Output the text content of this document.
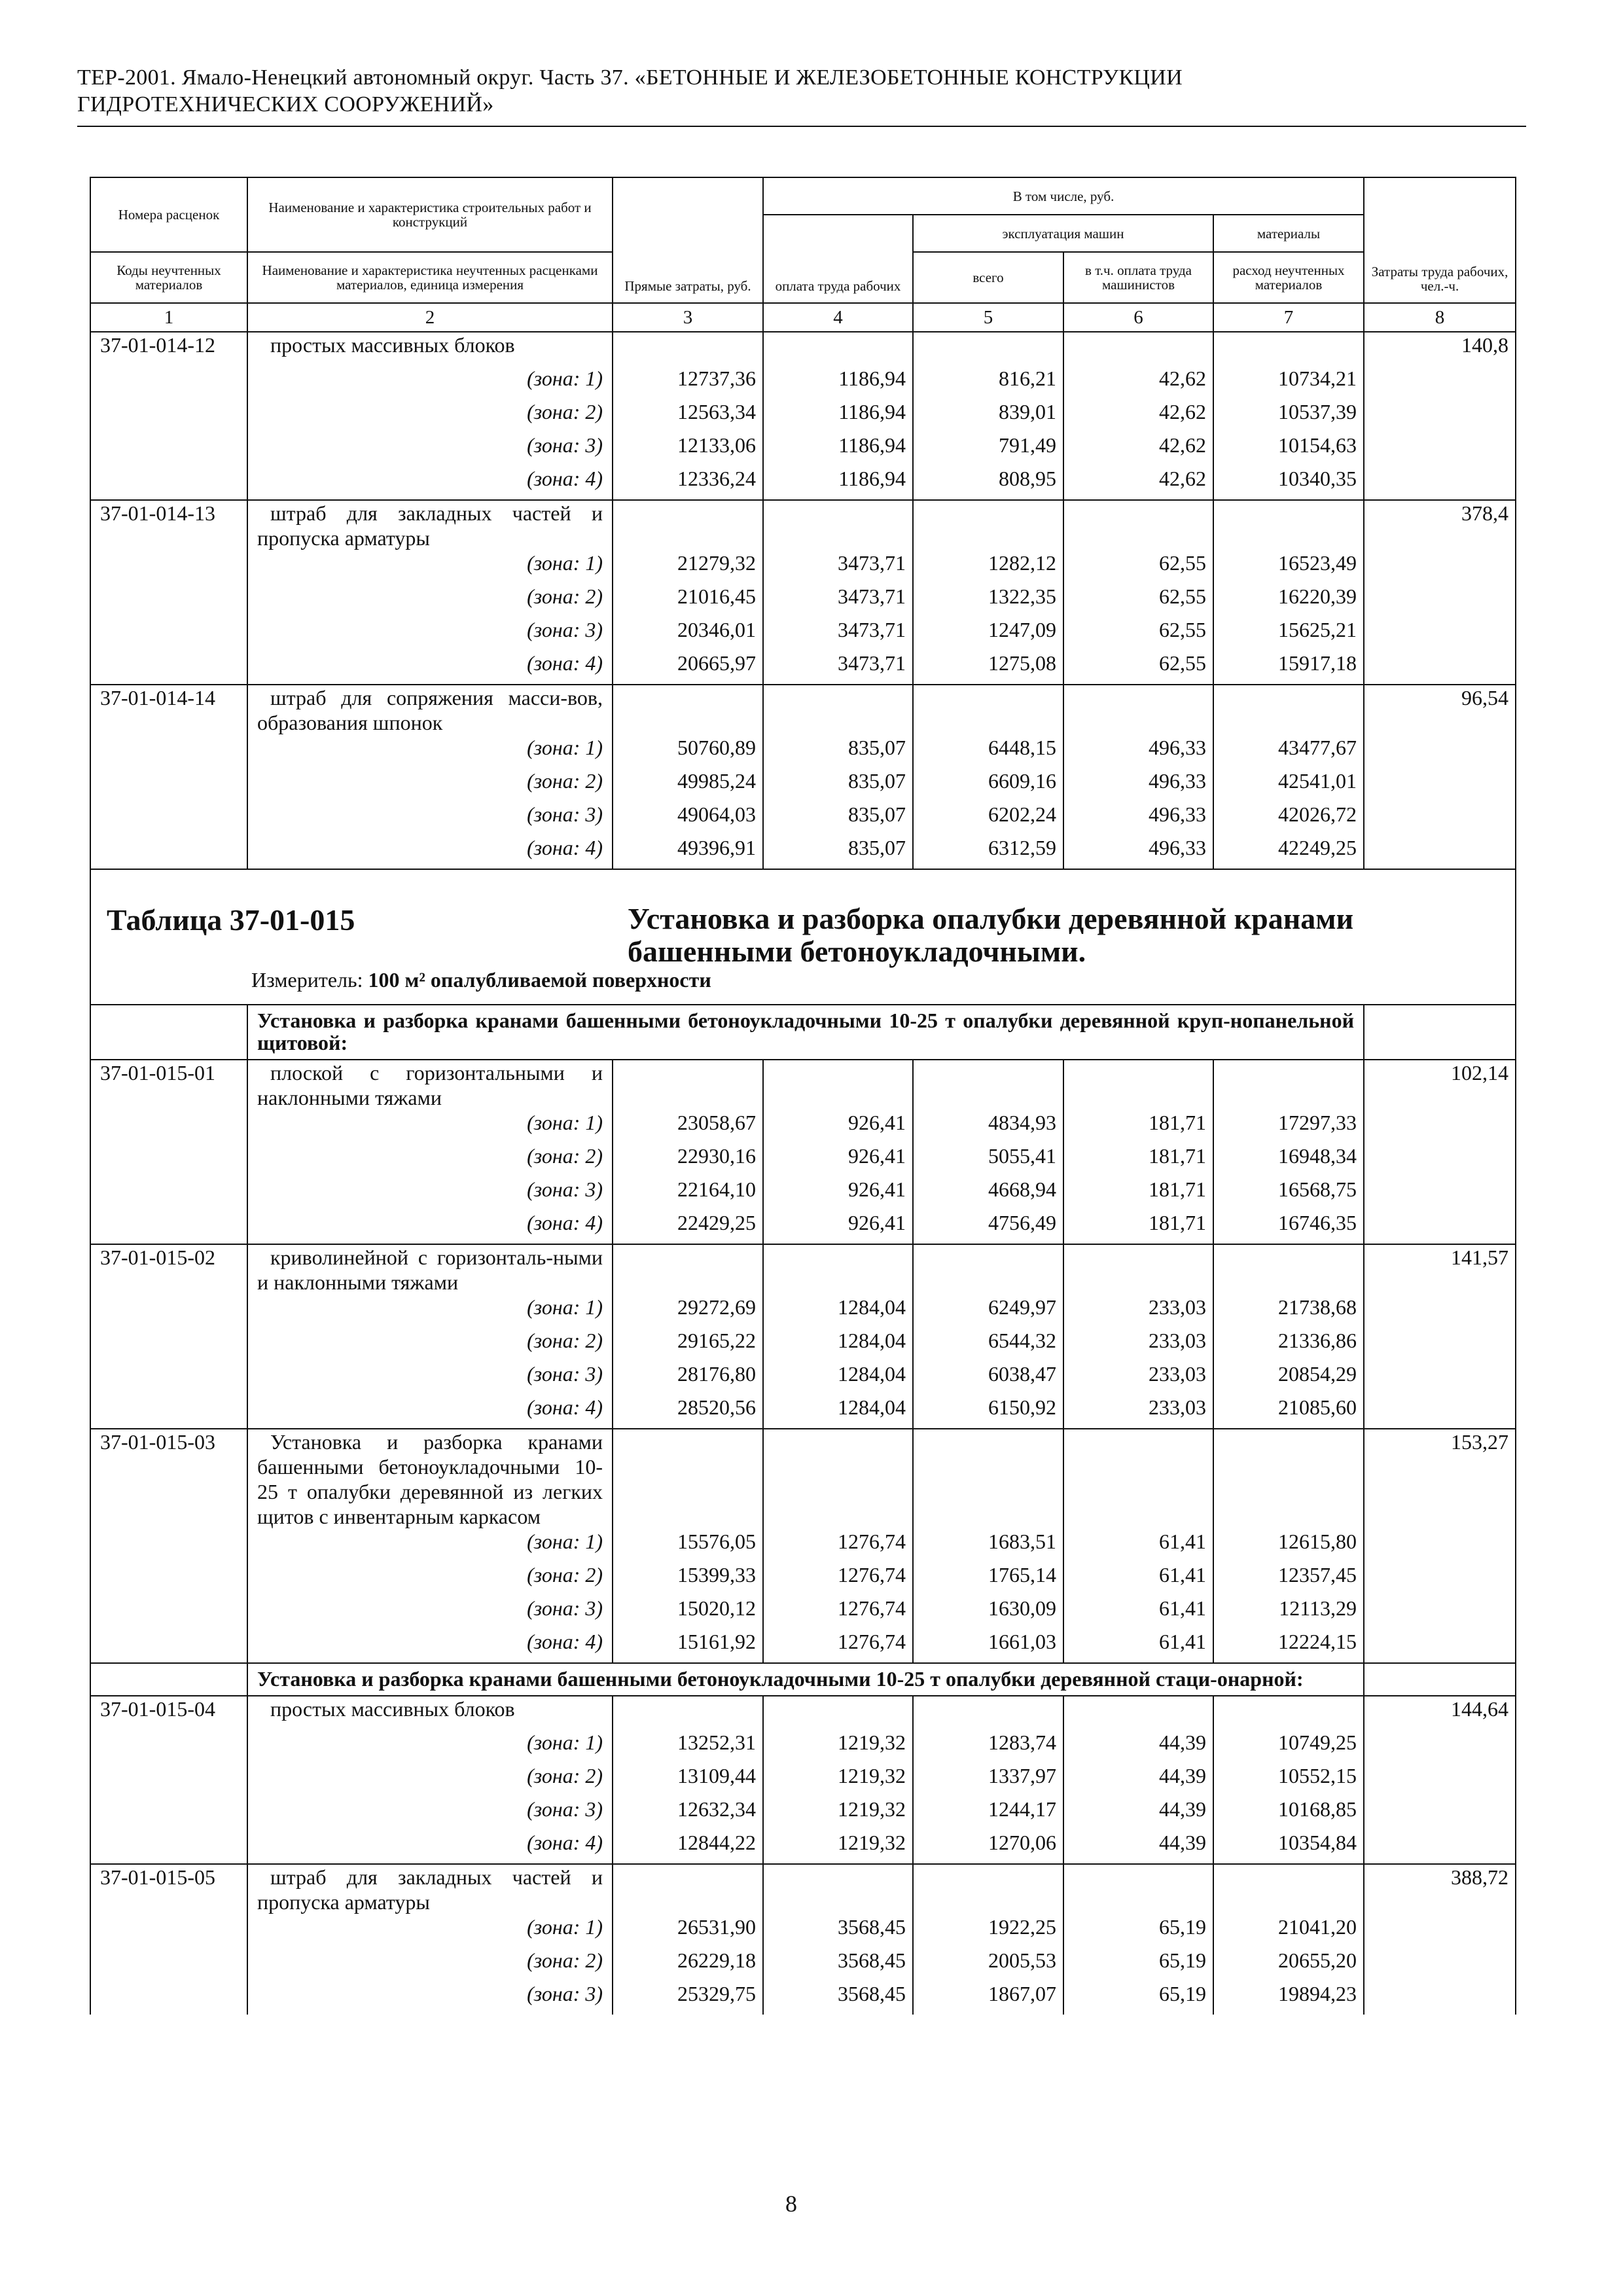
ТЕР-2001. Ямало-Ненецкий автономный округ. Часть 37. «БЕТОННЫЕ И ЖЕЛЕЗОБЕТОННЫЕ КОНСТРУКЦИИ
ГИДРОТЕХНИЧЕСКИХ СООРУЖЕНИЙ»
Номера расценок	Наименование и характеристика строительных работ и конструкций	Прямые затраты, руб.	В том числе, руб.				Затраты труда рабочих, чел.-ч.

			оплата труда рабочих	эксплуатация машин		материалы	
Коды неучтенных материалов	Наименование и характеристика неучтенных расценками материалов, единица измерения			всего	в т.ч. оплата труда машинистов	расход неучтенных материалов	
1	2	3	4	5	6	7	8
37-01-014-12	простых массивных блоков						140,8
	(зона: 1)	12737,36	1186,94	816,21	42,62	10734,21	
	(зона: 2)	12563,34	1186,94	839,01	42,62	10537,39	
	(зона: 3)	12133,06	1186,94	791,49	42,62	10154,63	
	(зона: 4)	12336,24	1186,94	808,95	42,62	10340,35	
37-01-014-13	штраб для закладных частей и пропуска арматуры						378,4
	(зона: 1)	21279,32	3473,71	1282,12	62,55	16523,49	
	(зона: 2)	21016,45	3473,71	1322,35	62,55	16220,39	
	(зона: 3)	20346,01	3473,71	1247,09	62,55	15625,21	
	(зона: 4)	20665,97	3473,71	1275,08	62,55	15917,18	
37-01-014-14	штраб для сопряжения масси-вов, образования шпонок						96,54
	(зона: 1)	50760,89	835,07	6448,15	496,33	43477,67	
	(зона: 2)	49985,24	835,07	6609,16	496,33	42541,01	
	(зона: 3)	49064,03	835,07	6202,24	496,33	42026,72	
	(зона: 4)	49396,91	835,07	6312,59	496,33	42249,25	

Таблица 37-01-015 Установка и разборка опалубки деревянной кранами башенными бетоноукладочными.
Измеритель: 100 м² опалубливаемой поверхности							

	Установка и разборка кранами башенными бетоноукладочными 10-25 т опалубки деревянной круп-нопанельной щитовой:						
37-01-015-01	плоской с горизонтальными и наклонными тяжами						102,14
	(зона: 1)	23058,67	926,41	4834,93	181,71	17297,33	
	(зона: 2)	22930,16	926,41	5055,41	181,71	16948,34	
	(зона: 3)	22164,10	926,41	4668,94	181,71	16568,75	
	(зона: 4)	22429,25	926,41	4756,49	181,71	16746,35	
37-01-015-02	криволинейной с горизонталь-ными и наклонными тяжами						141,57
	(зона: 1)	29272,69	1284,04	6249,97	233,03	21738,68	
	(зона: 2)	29165,22	1284,04	6544,32	233,03	21336,86	
	(зона: 3)	28176,80	1284,04	6038,47	233,03	20854,29	
	(зона: 4)	28520,56	1284,04	6150,92	233,03	21085,60	
37-01-015-03	Установка и разборка кранами башенными бетоноукладочными 10-25 т опалубки деревянной из легких щитов с инвентарным каркасом						153,27
	(зона: 1)	15576,05	1276,74	1683,51	61,41	12615,80	
	(зона: 2)	15399,33	1276,74	1765,14	61,41	12357,45	
	(зона: 3)	15020,12	1276,74	1630,09	61,41	12113,29	
	(зона: 4)	15161,92	1276,74	1661,03	61,41	12224,15	
	Установка и разборка кранами башенными бетоноукладочными 10-25 т опалубки деревянной стаци-онарной:						
37-01-015-04	простых массивных блоков						144,64
	(зона: 1)	13252,31	1219,32	1283,74	44,39	10749,25	
	(зона: 2)	13109,44	1219,32	1337,97	44,39	10552,15	
	(зона: 3)	12632,34	1219,32	1244,17	44,39	10168,85	
	(зона: 4)	12844,22	1219,32	1270,06	44,39	10354,84	
37-01-015-05	штраб для закладных частей и пропуска арматуры						388,72
	(зона: 1)	26531,90	3568,45	1922,25	65,19	21041,20	
	(зона: 2)	26229,18	3568,45	2005,53	65,19	20655,20	
	(зона: 3)	25329,75	3568,45	1867,07	65,19	19894,23	
8
